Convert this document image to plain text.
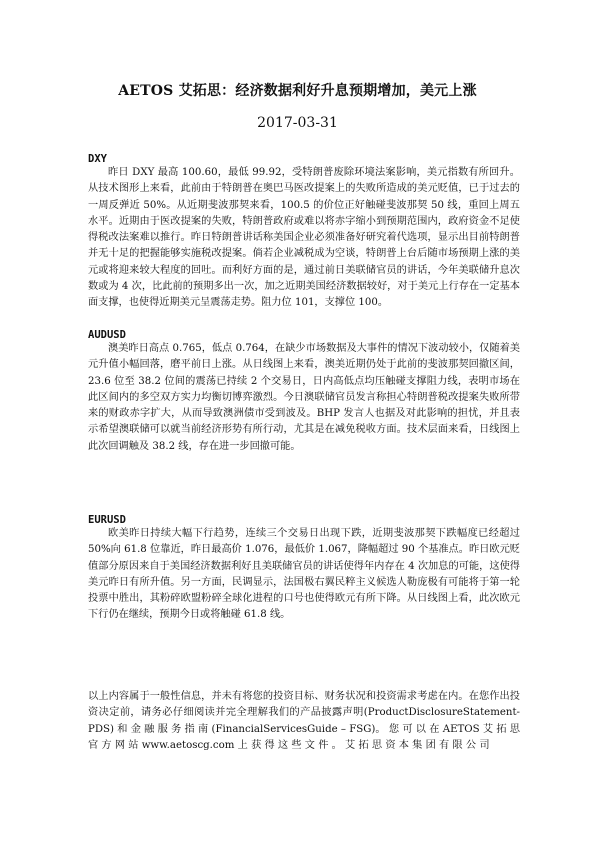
AETOS 艾拓思：经济数据利好升息预期增加，美元上涨
2017-03-31
DXY

昨日 DXY 最高 100.60，最低 99.92，受特朗普废除环境法案影响，美元指数有所回升。从技术图形上来看，此前由于特朗普在奥巴马医改提案上的失败所造成的美元贬值，已于过去的一周反弹近 50%。从近期斐波那契来看，100.5 的价位正好触碰斐波那契 50 线，重回上周五水平。近期由于医改提案的失败，特朗普政府或难以将赤字缩小到预期范围内，政府资金不足使得税改法案难以推行。昨日特朗普讲话称美国企业必须准备好研究着代选项，显示出目前特朗普并无十足的把握能够实施税改提案。倘若企业减税成为空谈，特朗普上台后随市场预期上涨的美元或将迎来较大程度的回吐。而利好方面的是，通过前日美联储官员的讲话，今年美联储升息次数或为 4 次，比此前的预期多出一次，加之近期美国经济数据较好，对于美元上行存在一定基本面支撑，也使得近期美元呈震荡走势。阻力位 101，支撑位 100。

AUDUSD

澳美昨日高点 0.765，低点 0.764，在缺少市场数据及大事件的情况下波动较小，仅随着美元升值小幅回落，磨平前日上涨。从日线图上来看，澳美近期仍处于此前的斐波那契回撤区间，23.6 位至 38.2 位间的震荡已持续 2 个交易日，日内高低点均压触碰支撑阻力线，表明市场在此区间内的多空双方实力均衡切博弈激烈。今日澳联储官员发言称担心特朗普税改提案失败所带来的财政赤字扩大，从而导致澳洲债市受到波及。BHP 发言人也据及对此影响的担忧，并且表示希望澳联储可以就当前经济形势有所行动，尤其是在减免税收方面。技术层面来看，日线图上此次回调触及 38.2 线，存在进一步回撤可能。

EURUSD

欧美昨日持续大幅下行趋势，连续三个交易日出现下跌，近期斐波那契下跌幅度已经超过 50%向 61.8 位靠近，昨日最高价 1.076，最低价 1.067，降幅超过 90 个基准点。昨日欧元贬值部分原因来自于美国经济数据利好且美联储官员的讲话使得年内存在 4 次加息的可能，这使得美元昨日有所升值。另一方面，民调显示，法国极右翼民粹主义候选人勒庞极有可能将于第一轮投票中胜出，其粉碎欧盟粉碎全球化进程的口号也使得欧元有所下降。从日线图上看，此次欧元下行仍在继续，预期今日或将触碰 61.8 线。

以上内容属于一般性信息，并未有将您的投资目标、财务状况和投资需求考虑在内。在您作出投资决定前，请务必仔细阅读并完全理解我们的产品披露声明(ProductDisclosureStatement-PDS) 和 金 融 服 务 指 南 (FinancialServicesGuide – FSG)。 您 可 以 在 AETOS 艾 拓 思 官 方 网 站 www.aetoscg.com 上 获 得 这 些 文 件 。 艾 拓 思 资 本 集 团 有 限 公 司
